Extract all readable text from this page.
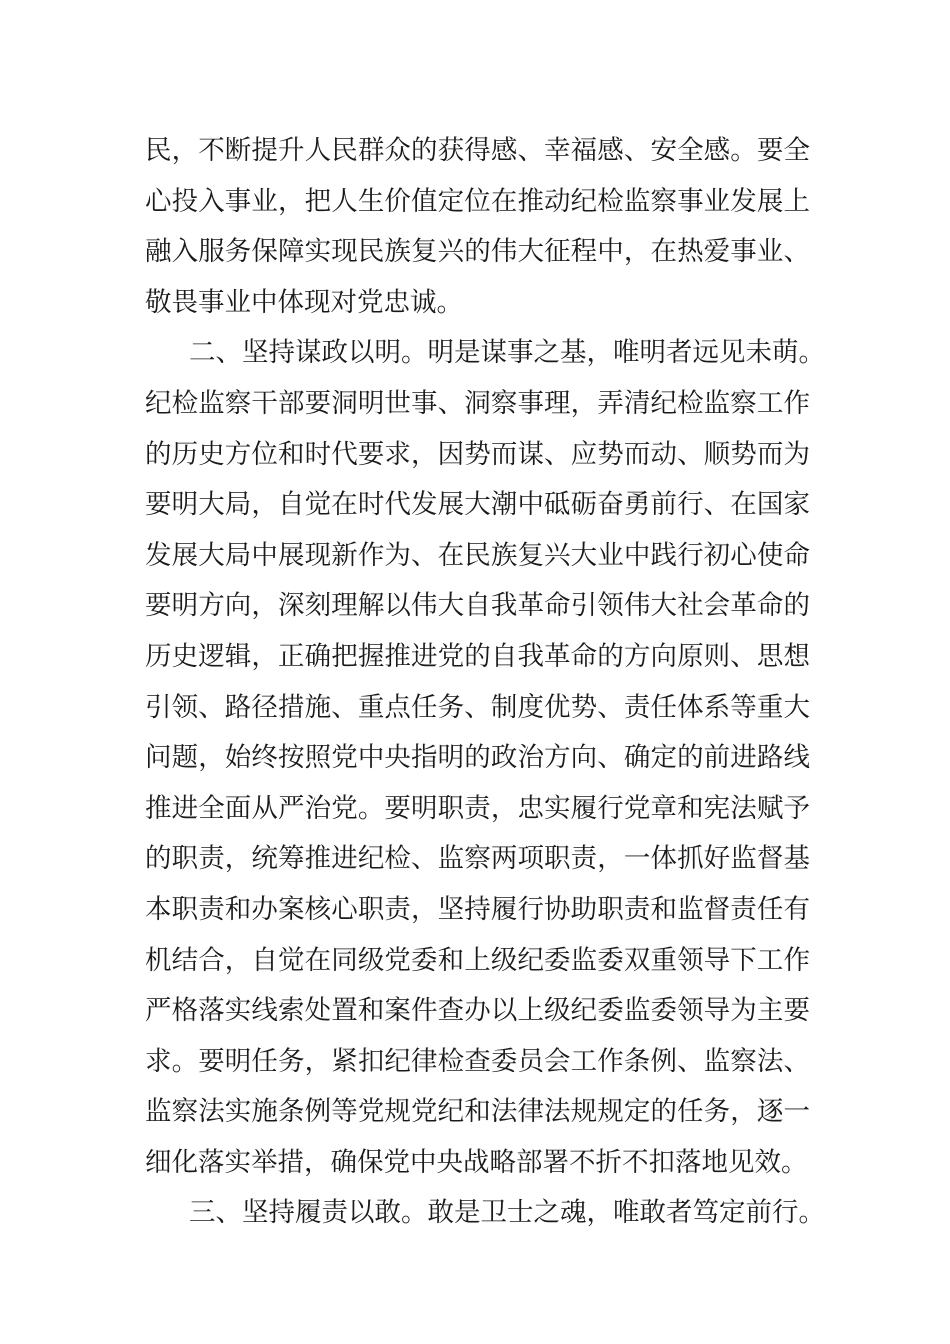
民，不断提升人民群众的获得感、幸福感、安全感。要全
心投入事业，把人生价值定位在推动纪检监察事业发展上
融入服务保障实现民族复兴的伟大征程中，在热爱事业、
敬畏事业中体现对党忠诚。
二、坚持谋政以明。明是谋事之基，唯明者远见未萌。
纪检监察干部要洞明世事、洞察事理，弄清纪检监察工作
的历史方位和时代要求，因势而谋、应势而动、顺势而为
要明大局，自觉在时代发展大潮中砥砺奋勇前行、在国家
发展大局中展现新作为、在民族复兴大业中践行初心使命
要明方向，深刻理解以伟大自我革命引领伟大社会革命的
历史逻辑，正确把握推进党的自我革命的方向原则、思想
引领、路径措施、重点任务、制度优势、责任体系等重大
问题，始终按照党中央指明的政治方向、确定的前进路线
推进全面从严治党。要明职责，忠实履行党章和宪法赋予
的职责，统筹推进纪检、监察两项职责，一体抓好监督基
本职责和办案核心职责，坚持履行协助职责和监督责任有
机结合，自觉在同级党委和上级纪委监委双重领导下工作
严格落实线索处置和案件查办以上级纪委监委领导为主要
求。要明任务，紧扣纪律检查委员会工作条例、监察法、
监察法实施条例等党规党纪和法律法规规定的任务，逐一
细化落实举措，确保党中央战略部署不折不扣落地见效。
三、坚持履责以敢。敢是卫士之魂，唯敢者笃定前行。
